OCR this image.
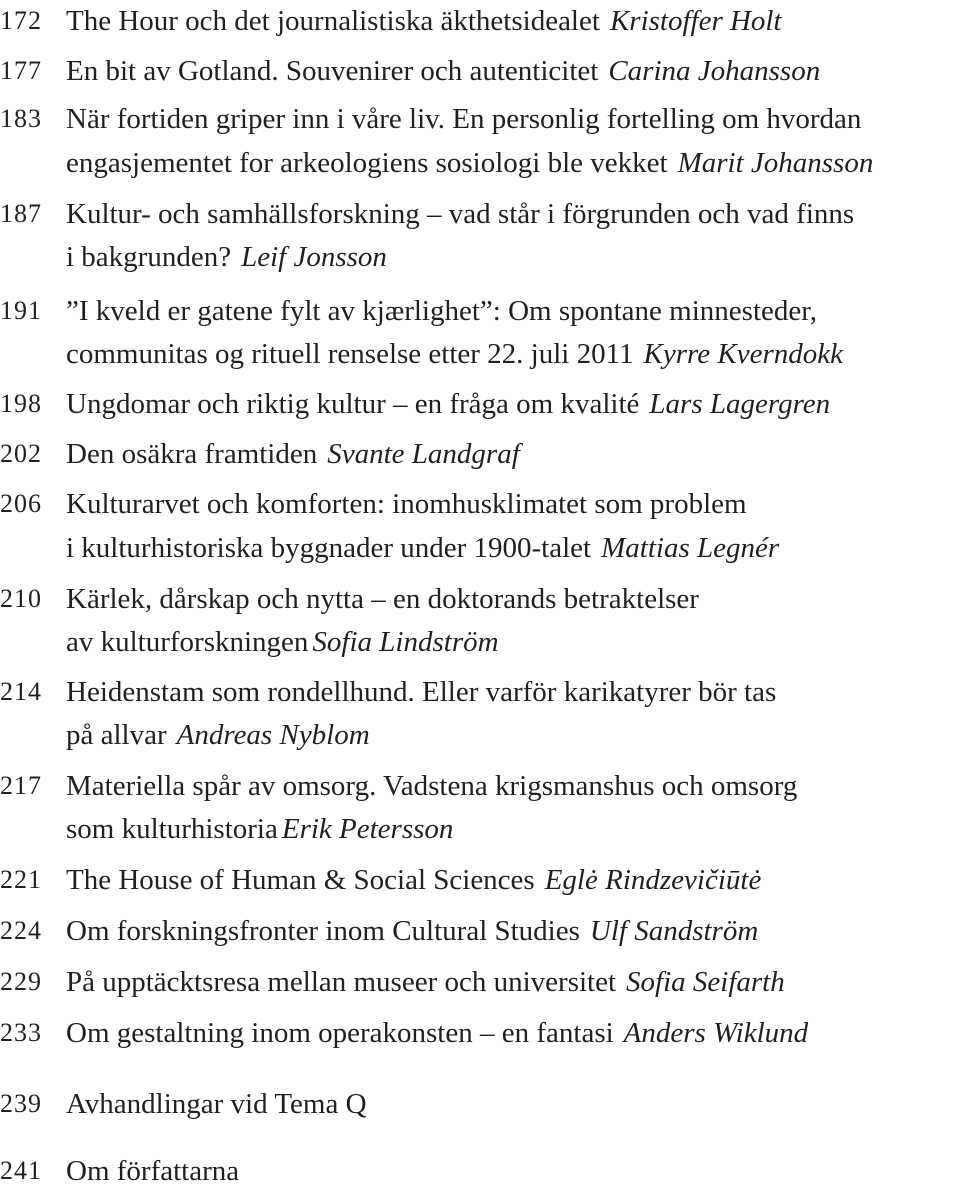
172 The Hour och det journalistiska äkthetsidealet Kristoffer Holt
177 En bit av Gotland. Souvenirer och autenticitet Carina Johansson
183 När fortiden griper inn i våre liv. En personlig fortelling om hvordan
engasjementet for arkeologiens sosiologi ble vekket Marit Johansson
187 Kultur- och samhällsforskning – vad står i förgrunden och vad finns
i bakgrunden? Leif Jonsson
191 ”I kveld er gatene fylt av kjærlighet”: Om spontane minnesteder,
communitas og rituell renselse etter 22. juli 2011 Kyrre Kverndokk
198 Ungdomar och riktig kultur – en fråga om kvalité Lars Lagergren
202 Den osäkra framtiden Svante Landgraf
206 Kulturarvet och komforten: inomhusklimatet som problem
i kulturhistoriska byggnader under 1900-talet Mattias Legnér
210 Kärlek, dårskap och nytta – en doktorands betraktelser
av kulturforskningen Sofia Lindström
214 Heidenstam som rondellhund. Eller varför karikatyrer bör tas
på allvar Andreas Nyblom
217 Materiella spår av omsorg. Vadstena krigsmanshus och omsorg
som kulturhistoria Erik Petersson
221 The House of Human & Social Sciences Eglė Rindzevičiūtė
224 Om forskningsfronter inom Cultural Studies Ulf Sandström
229 På upptäcktsresa mellan museer och universitet Sofia Seifarth
233 Om gestaltning inom operakonsten – en fantasi Anders Wiklund
239 Avhandlingar vid Tema Q
241 Om författarna
